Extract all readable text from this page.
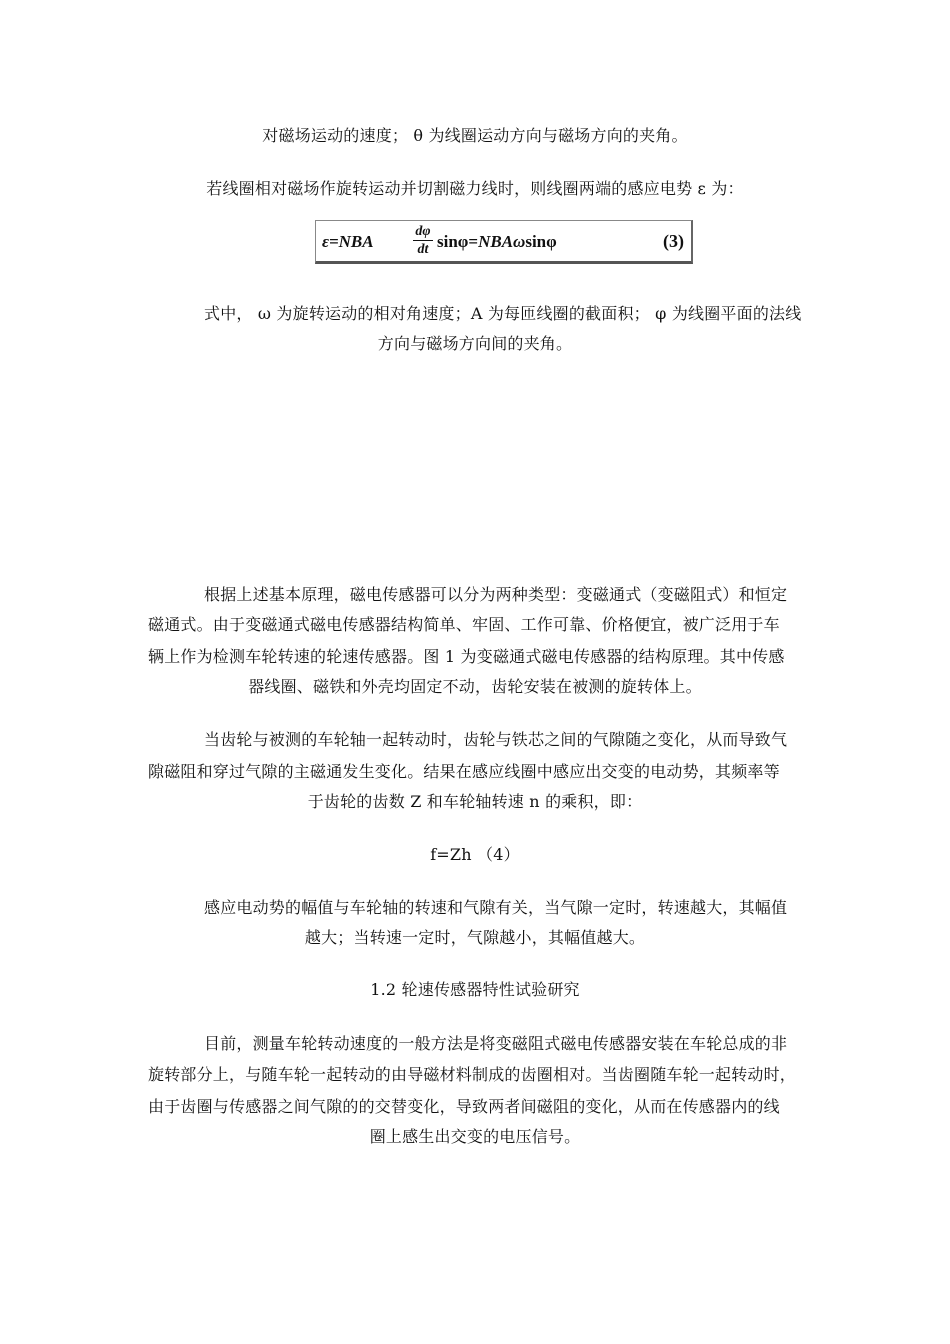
对磁场运动的速度； θ 为线圈运动方向与磁场方向的夹角。
若线圈相对磁场作旋转运动并切割磁力线时，则线圈两端的感应电势 ε 为：
ε=NBA	$\frac{d\varphi}{dt} \sin\varphi=NBA\omega\sin\varphi$	(3)
式中， ω 为旋转运动的相对角速度；A 为每匝线圈的截面积； φ 为线圈平面的法线
方向与磁场方向间的夹角。
根据上述基本原理，磁电传感器可以分为两种类型：变磁通式（变磁阻式）和恒定
磁通式。由于变磁通式磁电传感器结构简单、牢固、工作可靠、价格便宜，被广泛用于车
辆上作为检测车轮转速的轮速传感器。图 1 为变磁通式磁电传感器的结构原理。其中传感
器线圈、磁铁和外壳均固定不动，齿轮安装在被测的旋转体上。
当齿轮与被测的车轮轴一起转动时，齿轮与铁芯之间的气隙随之变化，从而导致气
隙磁阻和穿过气隙的主磁通发生变化。结果在感应线圈中感应出交变的电动势，其频率等
于齿轮的齿数 Z 和车轮轴转速 n 的乘积，即：
f=Zh （4）
感应电动势的幅值与车轮轴的转速和气隙有关，当气隙一定时，转速越大，其幅值
越大；当转速一定时，气隙越小，其幅值越大。
1.2 轮速传感器特性试验研究
目前，测量车轮转动速度的一般方法是将变磁阻式磁电传感器安装在车轮总成的非
旋转部分上，与随车轮一起转动的由导磁材料制成的齿圈相对。当齿圈随车轮一起转动时，
由于齿圈与传感器之间气隙的的交替变化，导致两者间磁阻的变化，从而在传感器内的线
圈上感生出交变的电压信号。
